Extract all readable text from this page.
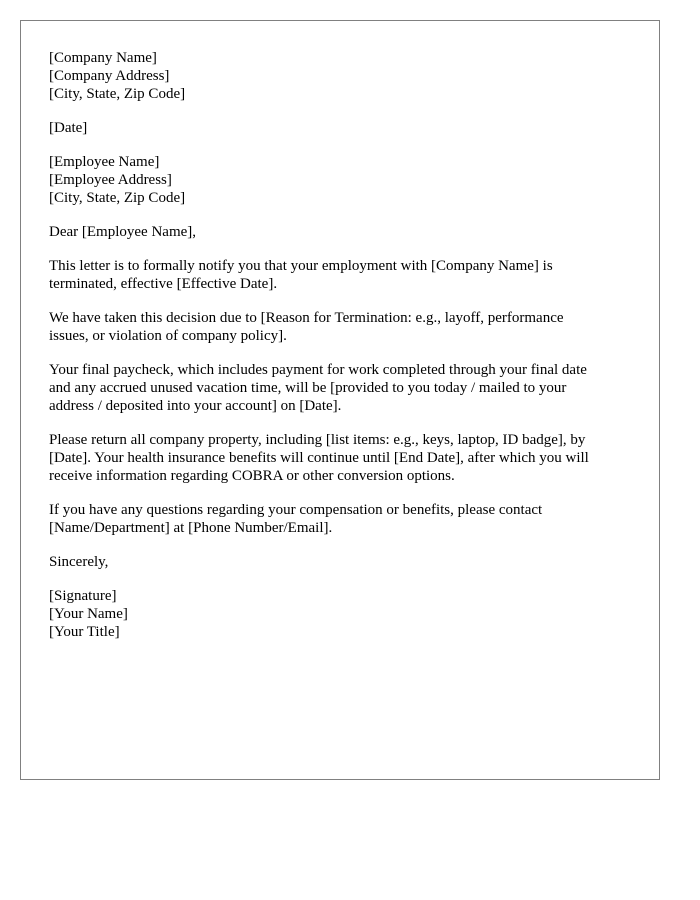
[Company Name]
[Company Address]
[City, State, Zip Code]
[Date]
[Employee Name]
[Employee Address]
[City, State, Zip Code]
Dear [Employee Name],
This letter is to formally notify you that your employment with [Company Name] is
terminated, effective [Effective Date].
We have taken this decision due to [Reason for Termination: e.g., layoff, performance
issues, or violation of company policy].
Your final paycheck, which includes payment for work completed through your final date
and any accrued unused vacation time, will be [provided to you today / mailed to your
address / deposited into your account] on [Date].
Please return all company property, including [list items: e.g., keys, laptop, ID badge], by
[Date]. Your health insurance benefits will continue until [End Date], after which you will
receive information regarding COBRA or other conversion options.
If you have any questions regarding your compensation or benefits, please contact
[Name/Department] at [Phone Number/Email].
Sincerely,
[Signature]
[Your Name]
[Your Title]
